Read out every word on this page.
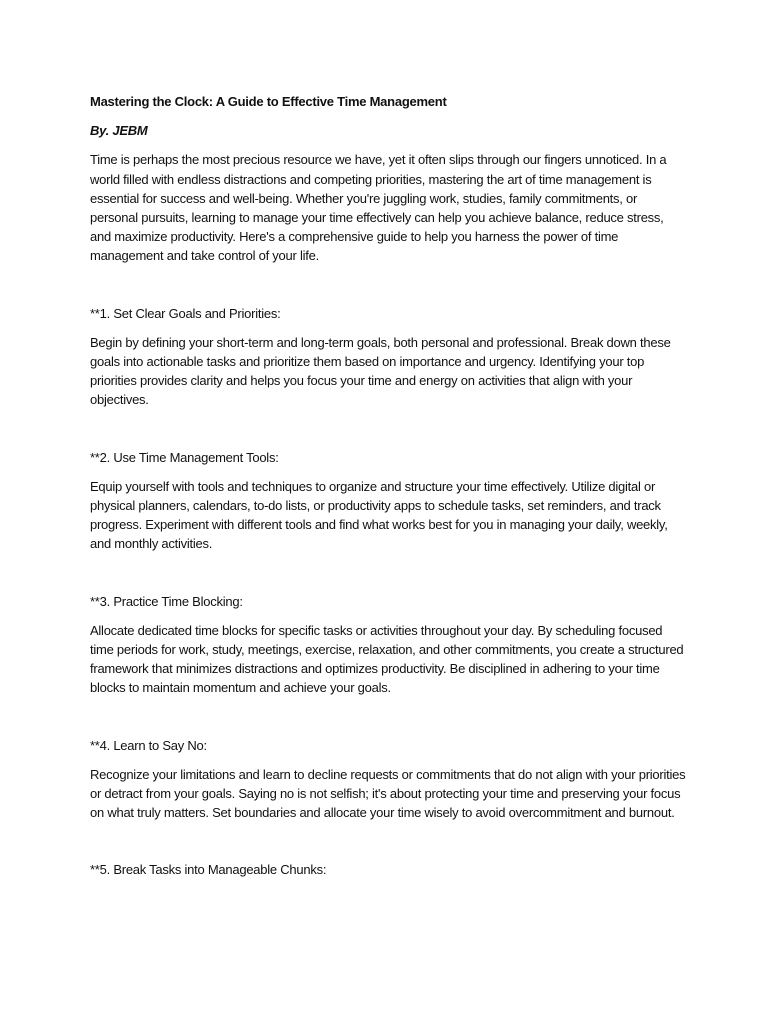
Mastering the Clock: A Guide to Effective Time Management

By. JEBM

Time is perhaps the most precious resource we have, yet it often slips through our fingers unnoticed. In a world filled with endless distractions and competing priorities, mastering the art of time management is essential for success and well-being. Whether you're juggling work, studies, family commitments, or personal pursuits, learning to manage your time effectively can help you achieve balance, reduce stress, and maximize productivity. Here's a comprehensive guide to help you harness the power of time management and take control of your life.

**1. Set Clear Goals and Priorities:

Begin by defining your short-term and long-term goals, both personal and professional. Break down these goals into actionable tasks and prioritize them based on importance and urgency. Identifying your top priorities provides clarity and helps you focus your time and energy on activities that align with your objectives.

**2. Use Time Management Tools:

Equip yourself with tools and techniques to organize and structure your time effectively. Utilize digital or physical planners, calendars, to-do lists, or productivity apps to schedule tasks, set reminders, and track progress. Experiment with different tools and find what works best for you in managing your daily, weekly, and monthly activities.

**3. Practice Time Blocking:

Allocate dedicated time blocks for specific tasks or activities throughout your day. By scheduling focused time periods for work, study, meetings, exercise, relaxation, and other commitments, you create a structured framework that minimizes distractions and optimizes productivity. Be disciplined in adhering to your time blocks to maintain momentum and achieve your goals.

**4. Learn to Say No:

Recognize your limitations and learn to decline requests or commitments that do not align with your priorities or detract from your goals. Saying no is not selfish; it's about protecting your time and preserving your focus on what truly matters. Set boundaries and allocate your time wisely to avoid overcommitment and burnout.

**5. Break Tasks into Manageable Chunks:
